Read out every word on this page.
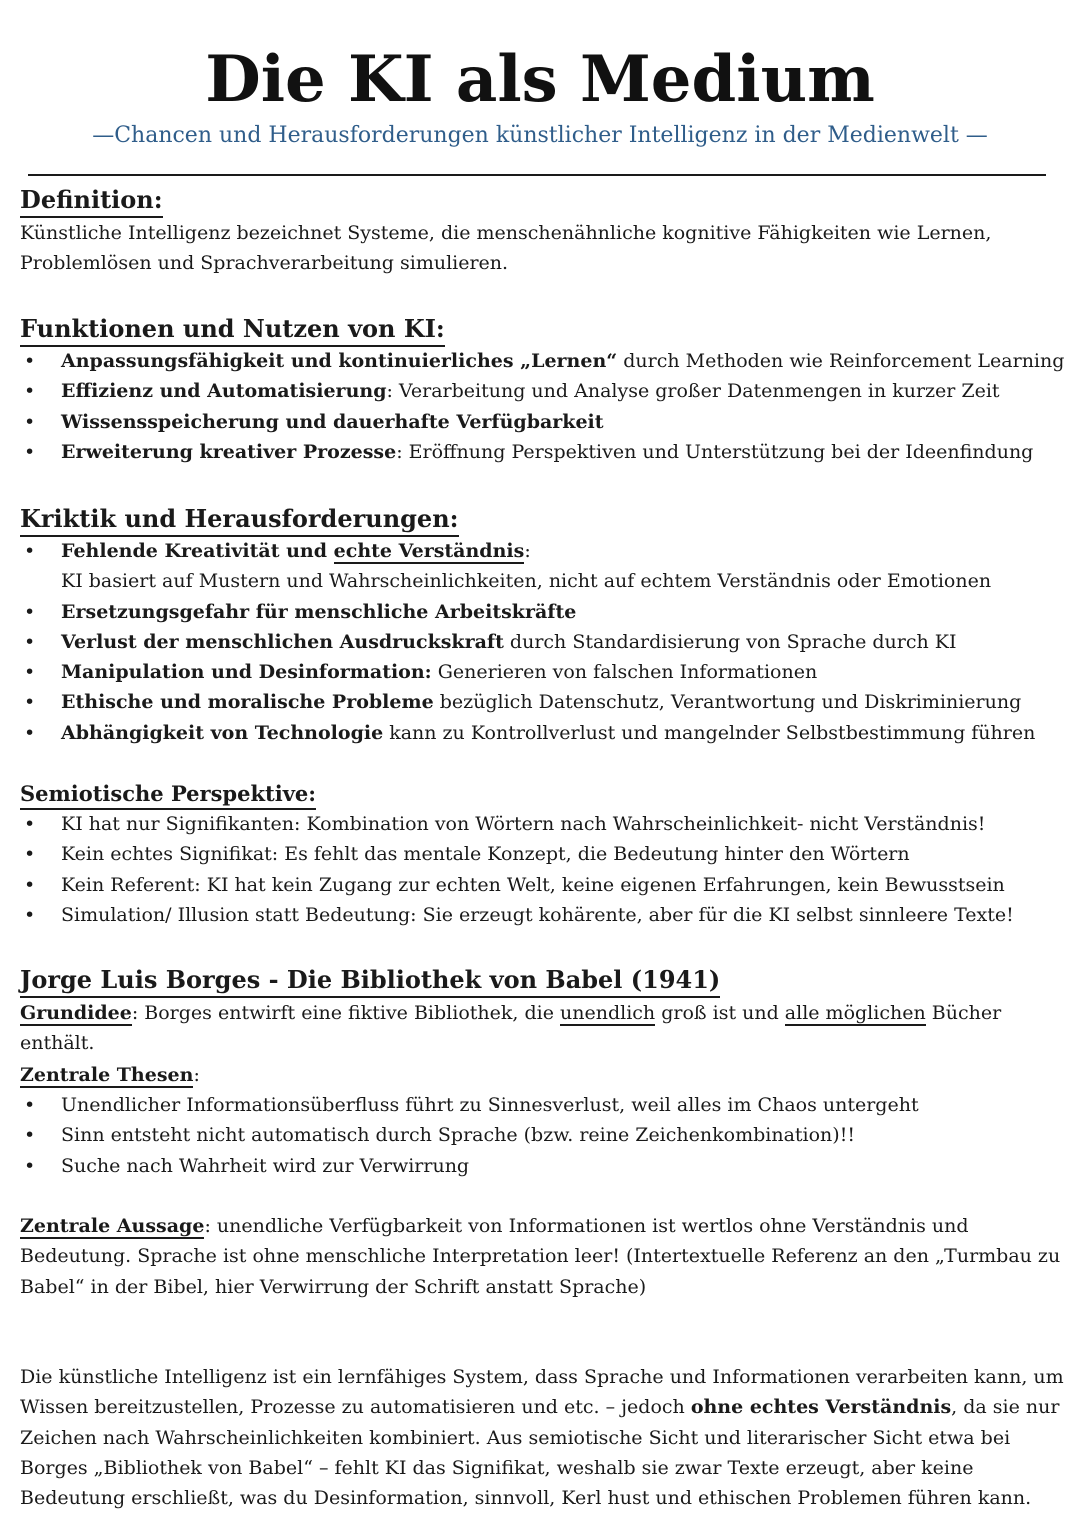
Die KI als Medium

—Chancen und Herausforderungen künstlicher Intelligenz in der Medienwelt —

Definition:

Künstliche Intelligenz bezeichnet Systeme, die menschenähnliche kognitive Fähigkeiten wie Lernen, Problemlösen und Sprachverarbeitung simulieren.

Funktionen und Nutzen von KI:
• Anpassungsfähigkeit und kontinuierliches „Lernen“ durch Methoden wie Reinforcement Learning
• Effizienz und Automatisierung: Verarbeitung und Analyse großer Datenmengen in kurzer Zeit
• Wissensspeicherung und dauerhafte Verfügbarkeit
• Erweiterung kreativer Prozesse: Eröffnung Perspektiven und Unterstützung bei der Ideenfindung
Kriktik und Herausforderungen:
• Fehlende Kreativität und echte Verständnis:
KI basiert auf Mustern und Wahrscheinlichkeiten, nicht auf echtem Verständnis oder Emotionen
• Ersetzungsgefahr für menschliche Arbeitskräfte
• Verlust der menschlichen Ausdruckskraft durch Standardisierung von Sprache durch KI
• Manipulation und Desinformation: Generieren von falschen Informationen
• Ethische und moralische Probleme bezüglich Datenschutz, Verantwortung und Diskriminierung
• Abhängigkeit von Technologie kann zu Kontrollverlust und mangelnder Selbstbestimmung führen
Semiotische Perspektive:
• KI hat nur Signifikanten: Kombination von Wörtern nach Wahrscheinlichkeit- nicht Verständnis!
• Kein echtes Signifikat: Es fehlt das mentale Konzept, die Bedeutung hinter den Wörtern
• Kein Referent: KI hat kein Zugang zur echten Welt, keine eigenen Erfahrungen, kein Bewusstsein
• Simulation/ Illusion statt Bedeutung: Sie erzeugt kohärente, aber für die KI selbst sinnleere Texte!
Jorge Luis Borges - Die Bibliothek von Babel (1941)

Grundidee: Borges entwirft eine fiktive Bibliothek, die unendlich groß ist und alle möglichen Bücher enthält.

Zentrale Thesen:

• Unendlicher Informationsüberfluss führt zu Sinnesverlust, weil alles im Chaos untergeht
• Sinn entsteht nicht automatisch durch Sprache (bzw. reine Zeichenkombination)!!
• Suche nach Wahrheit wird zur Verwirrung

Zentrale Aussage: unendliche Verfügbarkeit von Informationen ist wertlos ohne Verständnis und Bedeutung. Sprache ist ohne menschliche Interpretation leer! (Intertextuelle Referenz an den „Turmbau zu Babel“ in der Bibel, hier Verwirrung der Schrift anstatt Sprache)

Die künstliche Intelligenz ist ein lernfähiges System, dass Sprache und Informationen verarbeiten kann, um Wissen bereitzustellen, Prozesse zu automatisieren und etc. – jedoch ohne echtes Verständnis, da sie nur Zeichen nach Wahrscheinlichkeiten kombiniert. Aus semiotische Sicht und literarischer Sicht etwa bei Borges „Bibliothek von Babel“ – fehlt KI das Signifikat, weshalb sie zwar Texte erzeugt, aber keine Bedeutung erschließt, was du Desinformation, sinnvoll, Kerl hust und ethischen Problemen führen kann.
